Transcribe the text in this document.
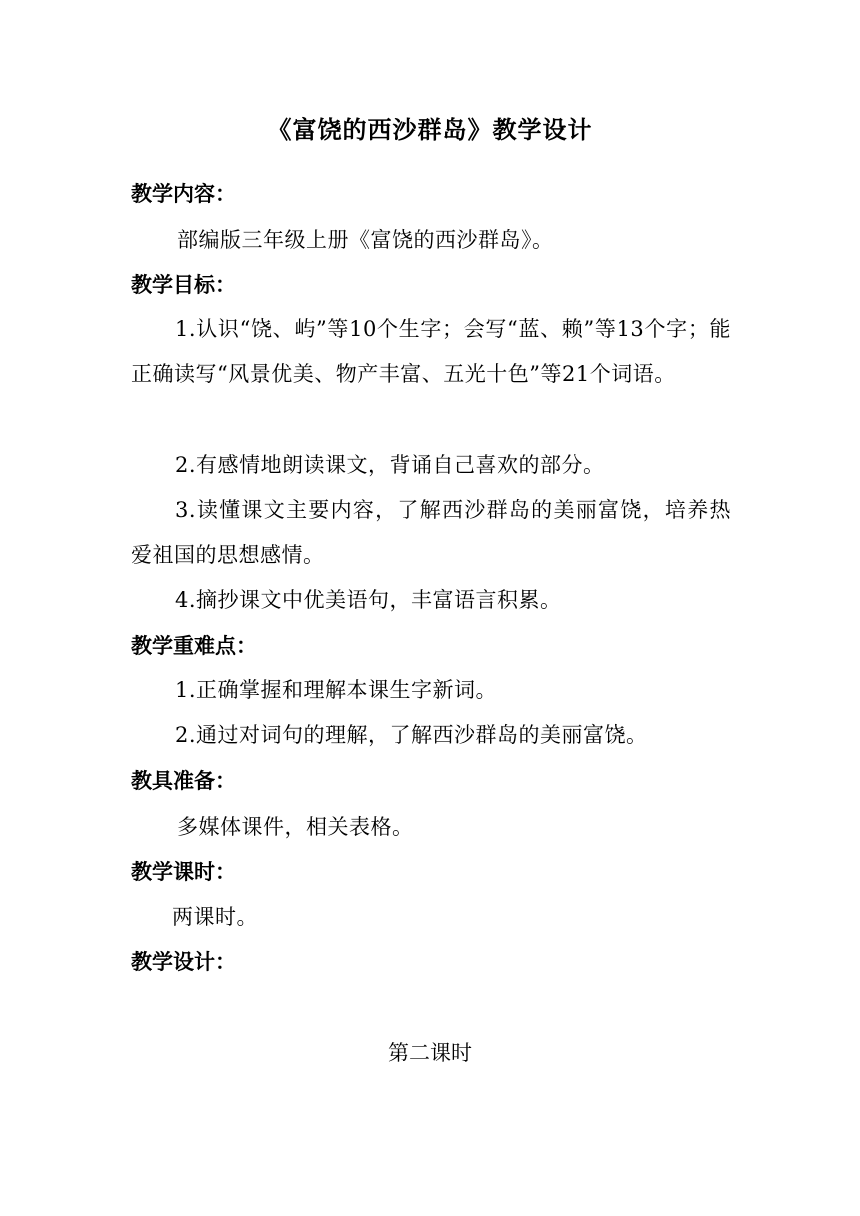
《富饶的西沙群岛》教学设计
教学内容：
部编版三年级上册《富饶的西沙群岛》。
教学目标：
1.认识“饶、屿”等10个生字；会写“蓝、赖”等13个字；能正确读写“风景优美、物产丰富、五光十色”等21个词语。
2.有感情地朗读课文，背诵自己喜欢的部分。
3.读懂课文主要内容，了解西沙群岛的美丽富饶，培养热爱祖国的思想感情。
4.摘抄课文中优美语句，丰富语言积累。
教学重难点：
1.正确掌握和理解本课生字新词。
2.通过对词句的理解，了解西沙群岛的美丽富饶。
教具准备：
多媒体课件，相关表格。
教学课时：
两课时。
教学设计：
第二课时
